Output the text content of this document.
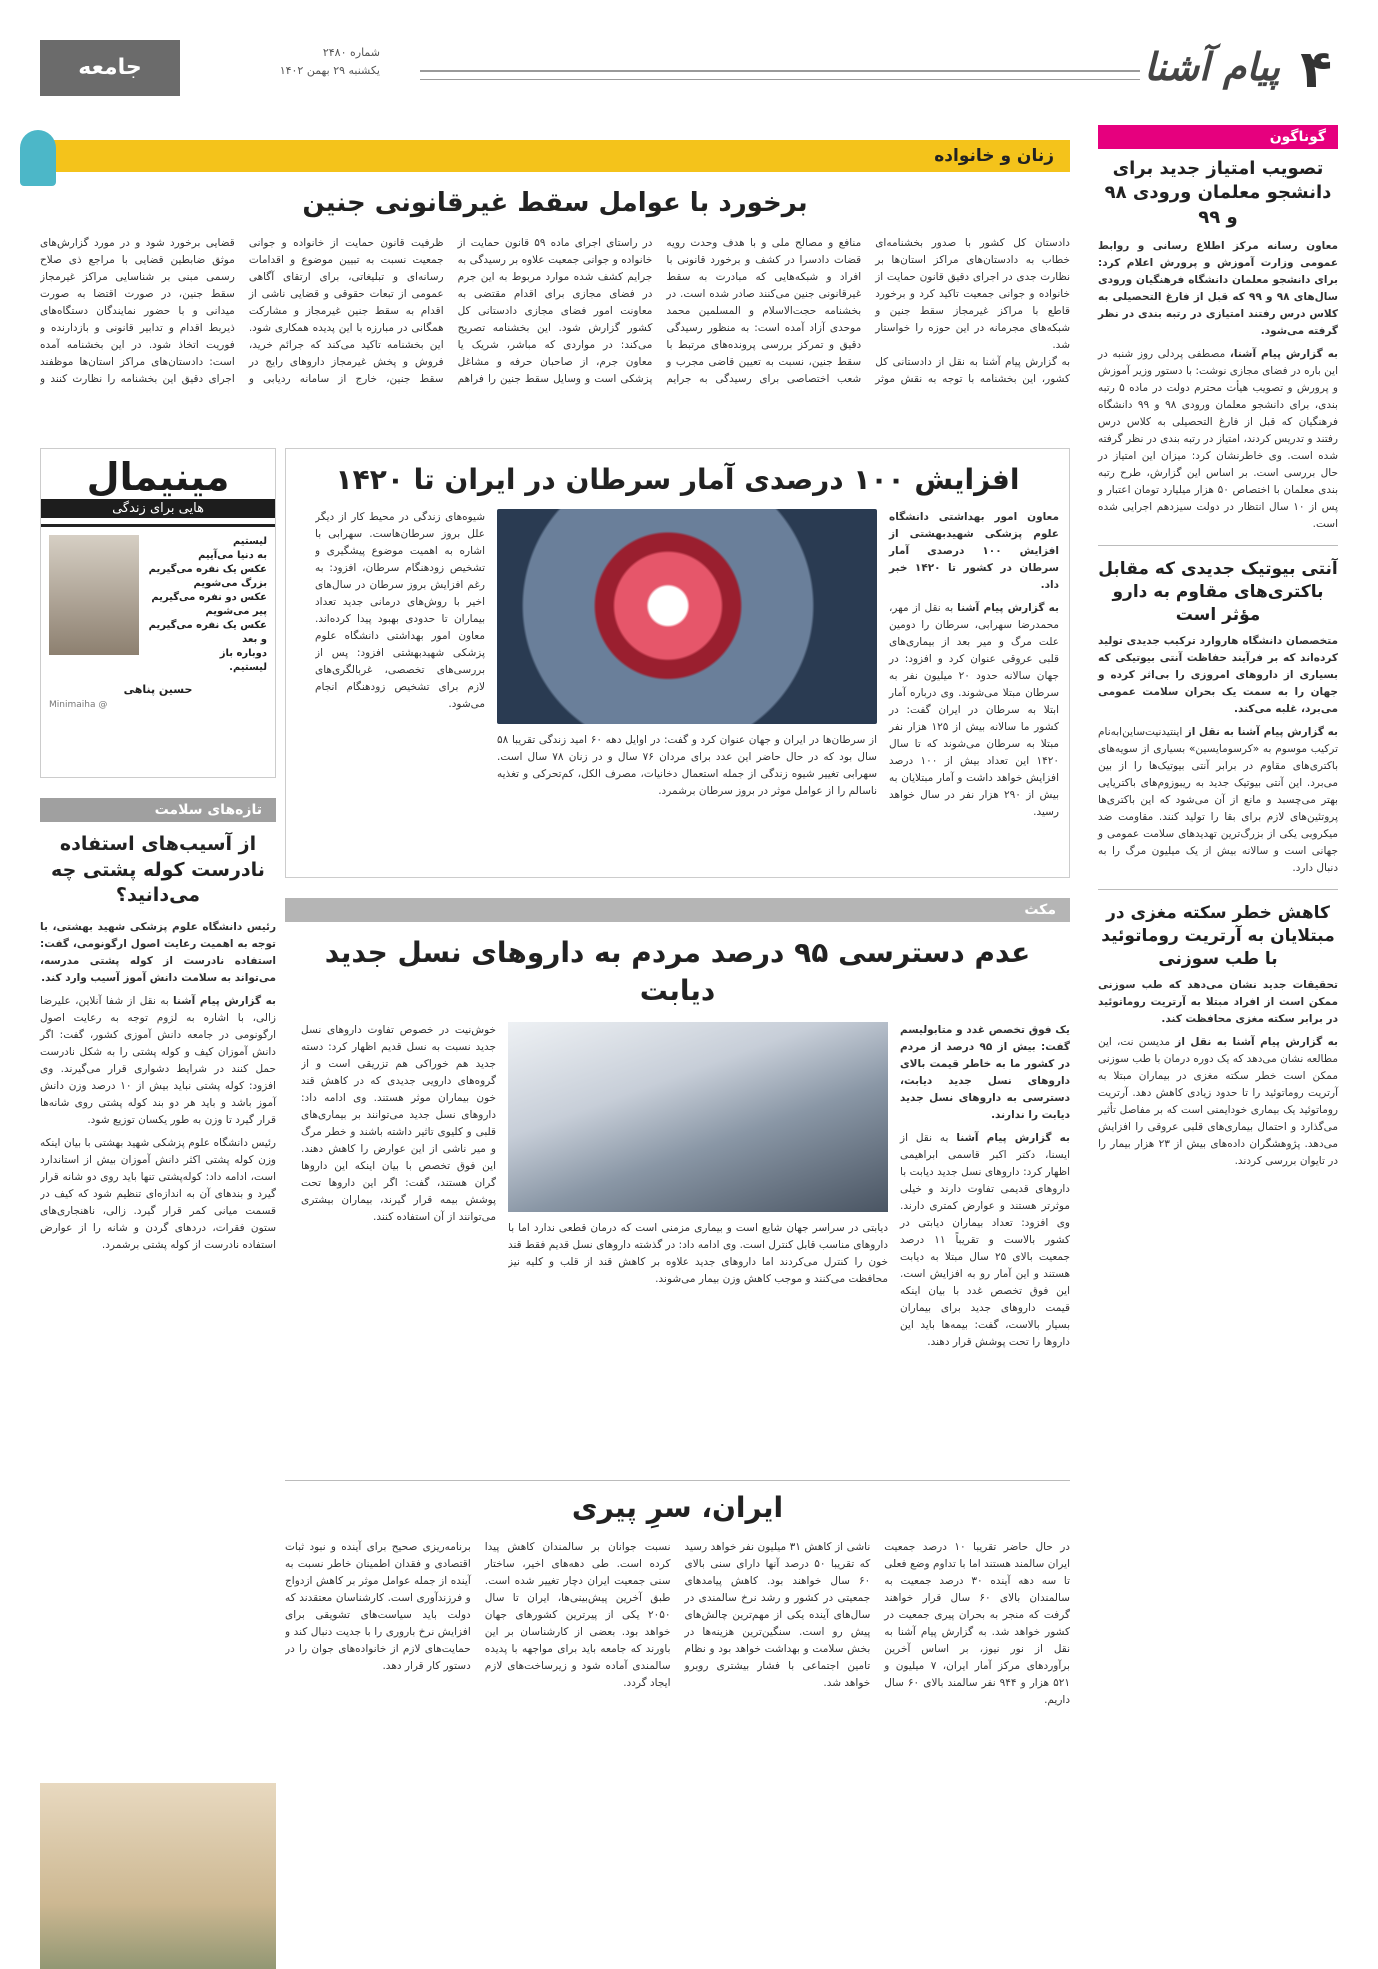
۴
پیام آشنا
شماره ۲۴۸۰
یکشنبه ۲۹ بهمن ۱۴۰۲
جامعه
گوناگون
تصویب امتیاز جدید برای دانشجو معلمان ورودی ۹۸ و ۹۹
معاون رسانه مرکز اطلاع رسانی و روابط عمومی وزارت آموزش و پرورش اعلام کرد: برای دانشجو معلمان دانشگاه فرهنگیان ورودی سال‌های ۹۸ و ۹۹ که قبل از فارغ التحصیلی به کلاس درس رفتند امتیازی در رتبه بندی در نظر گرفته می‌شود.
به گزارش پیام آشنا، مصطفی پردلی روز شنبه در این باره در فضای مجازی نوشت: با دستور وزیر آموزش و پرورش و تصویب هیأت محترم دولت در ماده ۵ رتبه بندی، برای دانشجو معلمان ورودی ۹۸ و ۹۹ دانشگاه فرهنگیان که قبل از فارغ التحصیلی به کلاس درس رفتند و تدریس کردند، امتیاز در رتبه بندی در نظر گرفته شده است. وی خاطرنشان کرد: میزان این امتیاز در حال بررسی است. بر اساس این گزارش، طرح رتبه بندی معلمان با اختصاص ۵۰ هزار میلیارد تومان اعتبار و پس از ۱۰ سال انتظار در دولت سیزدهم اجرایی شده است.
آنتی بیوتیک جدیدی که مقابل باکتری‌های مقاوم به دارو مؤثر است
متخصصان دانشگاه هاروارد ترکیب جدیدی تولید کرده‌اند که بر فرآیند حفاظت آنتی بیوتیکی که بسیاری از داروهای امروزی را بی‌اثر کرده و جهان را به سمت یک بحران سلامت عمومی می‌برد، غلبه می‌کند.
به گزارش پیام آشنا به نقل از اینتیدنیت‌ساین‌ابه‌نام ترکیب موسوم به «کرسومایسین» بسیاری از سویه‌های باکتری‌های مقاوم در برابر آنتی بیوتیک‌ها را از بین می‌برد. این آنتی بیوتیک جدید به ریبوزوم‌های باکتریایی بهتر می‌چسبد و مانع از آن می‌شود که این باکتری‌ها پروتئین‌های لازم برای بقا را تولید کنند. مقاومت ضد میکروبی یکی از بزرگ‌ترین تهدیدهای سلامت عمومی و جهانی است و سالانه بیش از یک میلیون مرگ را به دنبال دارد.
کاهش خطر سکته مغزی در مبتلایان به آرتریت روماتوئید با طب سوزنی
تحقیقات جدید نشان می‌دهد که طب سوزنی ممکن است از افراد مبتلا به آرتریت روماتوئید در برابر سکته مغزی محافظت کند.
به گزارش پیام آشنا به نقل از مدیسن نت، این مطالعه نشان می‌دهد که یک دوره درمان با طب سوزنی ممکن است خطر سکته مغزی در بیماران مبتلا به آرتریت روماتوئید را تا حدود زیادی کاهش دهد. آرتریت روماتوئید یک بیماری خودایمنی است که بر مفاصل تأثیر می‌گذارد و احتمال بیماری‌های قلبی عروقی را افزایش می‌دهد. پژوهشگران داده‌های بیش از ۲۳ هزار بیمار را در تایوان بررسی کردند.
زنان و خانواده
برخورد با عوامل سقط غیرقانونی جنین
دادستان کل کشور با صدور بخشنامه‌ای خطاب به دادستان‌های مراکز استان‌ها بر نظارت جدی در اجرای دقیق قانون حمایت از خانواده و جوانی جمعیت تاکید کرد و برخورد قاطع با مراکز غیرمجاز سقط جنین و شبکه‌های مجرمانه در این حوزه را خواستار شد.
به گزارش پیام آشنا به نقل از دادستانی کل کشور، این بخشنامه با توجه به نقش موثر
منافع و مصالح ملی و با هدف وحدت رویه قضات دادسرا در کشف و برخورد قانونی با افراد و شبکه‌هایی که مبادرت به سقط غیرقانونی جنین می‌کنند صادر شده است. در بخشنامه حجت‌الاسلام و المسلمین محمد موحدی آزاد آمده است: به منظور رسیدگی دقیق و تمرکز بررسی پرونده‌های مرتبط با سقط جنین، نسبت به تعیین قاضی مجرب و شعب اختصاصی برای رسیدگی به جرایم
در راستای اجرای ماده ۵۹ قانون حمایت از خانواده و جوانی جمعیت علاوه بر رسیدگی به جرایم کشف شده موارد مربوط به این جرم در فضای مجازی برای اقدام مقتضی به معاونت امور فضای مجازی دادستانی کل کشور گزارش شود. این بخشنامه تصریح می‌کند: در مواردی که مباشر، شریک یا معاون جرم، از صاحبان حرفه و مشاغل پزشکی است و وسایل سقط جنین را فراهم
ظرفیت قانون حمایت از خانواده و جوانی جمعیت نسبت به تبیین موضوع و اقدامات رسانه‌ای و تبلیغاتی، برای ارتقای آگاهی عمومی از تبعات حقوقی و قضایی ناشی از اقدام به سقط جنین غیرمجاز و مشارکت همگانی در مبارزه با این پدیده همکاری شود. این بخشنامه تاکید می‌کند که جرائم خرید، فروش و پخش غیرمجاز داروهای رایج در سقط جنین، خارج از سامانه ردیابی و
قضایی برخورد شود و در مورد گزارش‌های موثق ضابطین قضایی با مراجع ذی صلاح رسمی مبنی بر شناسایی مراکز غیرمجاز سقط جنین، در صورت اقتضا به صورت میدانی و با حضور نمایندگان دستگاه‌های ذیربط اقدام و تدابیر قانونی و بازدارنده و فوریت اتخاذ شود. در این بخشنامه آمده است: دادستان‌های مراکز استان‌ها موظفند اجرای دقیق این بخشنامه را نظارت کنند و
افزایش ۱۰۰ درصدی آمار سرطان در ایران تا ۱۴۲۰
معاون امور بهداشتی دانشگاه علوم پزشکی شهیدبهشتی از افزایش ۱۰۰ درصدی آمار سرطان در کشور تا ۱۴۲۰ خبر داد.
به گزارش پیام آشنا به نقل از مهر، محمدرضا سهرابی، سرطان را دومین علت مرگ و میر بعد از بیماری‌های قلبی عروقی عنوان کرد و افزود: در جهان سالانه حدود ۲۰ میلیون نفر به سرطان مبتلا می‌شوند. وی درباره آمار ابتلا به سرطان در ایران گفت: در کشور ما سالانه بیش از ۱۲۵ هزار نفر مبتلا به سرطان می‌شوند که تا سال ۱۴۲۰ این تعداد بیش از ۱۰۰ درصد افزایش خواهد داشت و آمار مبتلایان به بیش از ۲۹۰ هزار نفر در سال خواهد رسید.
از سرطان‌ها در ایران و جهان عنوان کرد و گفت: در اوایل دهه ۶۰ امید زندگی تقریبا ۵۸ سال بود که در حال حاضر این عدد برای مردان ۷۶ سال و در زنان ۷۸ سال است. سهرابی تغییر شیوه زندگی از جمله استعمال دخانیات، مصرف الکل، کم‌تحرکی و تغذیه ناسالم را از عوامل موثر در بروز سرطان برشمرد.
شیوه‌های زندگی در محیط کار از دیگر علل بروز سرطان‌هاست. سهرابی با اشاره به اهمیت موضوع پیشگیری و تشخیص زودهنگام سرطان، افزود: به رغم افزایش بروز سرطان در سال‌های اخیر با روش‌های درمانی جدید تعداد بیماران تا حدودی بهبود پیدا کرده‌اند. معاون امور بهداشتی دانشگاه علوم پزشکی شهیدبهشتی افزود: پس از بررسی‌های تخصصی، غربالگری‌های لازم برای تشخیص زودهنگام انجام می‌شود.
مینیمال
هایی برای زندگی
لیستیم
به دنیا می‌آییم
عکس یک نفره می‌گیریم
بزرگ می‌شویم
عکس دو نفره می‌گیریم
پیر می‌شویم
عکس یک نفره می‌گیریم
و بعد
دوباره باز
لیستیم.
حسین پناهی
@ Minimaiha
تازه‌های سلامت
از آسیب‌های استفاده نادرست کوله پشتی چه می‌دانید؟
رئیس دانشگاه علوم پزشکی شهید بهشتی، با توجه به اهمیت رعایت اصول ارگونومی، گفت: استفاده نادرست از کوله پشتی مدرسه، می‌تواند به سلامت دانش آموز آسیب وارد کند.
به گزارش پیام آشنا به نقل از شفا آنلاین، علیرضا زالی، با اشاره به لزوم توجه به رعایت اصول ارگونومی در جامعه دانش آموزی کشور، گفت: اگر دانش آموزان کیف و کوله پشتی را به شکل نادرست حمل کنند در شرایط دشواری قرار می‌گیرند. وی افزود: کوله پشتی نباید بیش از ۱۰ درصد وزن دانش آموز باشد و باید هر دو بند کوله پشتی روی شانه‌ها قرار گیرد تا وزن به طور یکسان توزیع شود.
رئیس دانشگاه علوم پزشکی شهید بهشتی با بیان اینکه وزن کوله پشتی اکثر دانش آموزان بیش از استاندارد است، ادامه داد: کوله‌پشتی تنها باید روی دو شانه قرار گیرد و بندهای آن به اندازه‌ای تنظیم شود که کیف در قسمت میانی کمر قرار گیرد. زالی، ناهنجاری‌های ستون فقرات، دردهای گردن و شانه را از عوارض استفاده نادرست از کوله پشتی برشمرد.
مکث
عدم دسترسی ۹۵ درصد مردم به داروهای نسل جدید دیابت
یک فوق تخصص غدد و متابولیسم گفت: بیش از ۹۵ درصد از مردم در کشور ما به خاطر قیمت بالای داروهای نسل جدید دیابت، دسترسی به داروهای نسل جدید دیابت را ندارند.
به گزارش پیام آشنا به نقل از ایسنا، دکتر اکبر قاسمی ابراهیمی اظهار کرد: داروهای نسل جدید دیابت با داروهای قدیمی تفاوت دارند و خیلی موثرتر هستند و عوارض کمتری دارند. وی افزود: تعداد بیماران دیابتی در کشور بالاست و تقریباً ۱۱ درصد جمعیت بالای ۲۵ سال مبتلا به دیابت هستند و این آمار رو به افزایش است. این فوق تخصص غدد با بیان اینکه قیمت داروهای جدید برای بیماران بسیار بالاست، گفت: بیمه‌ها باید این داروها را تحت پوشش قرار دهند.
دیابتی در سراسر جهان شایع است و بیماری مزمنی است که درمان قطعی ندارد اما با داروهای مناسب قابل کنترل است. وی ادامه داد: در گذشته داروهای نسل قدیم فقط قند خون را کنترل می‌کردند اما داروهای جدید علاوه بر کاهش قند از قلب و کلیه نیز محافظت می‌کنند و موجب کاهش وزن بیمار می‌شوند.
خوش‌نیت در خصوص تفاوت داروهای نسل جدید نسبت به نسل قدیم اظهار کرد: دسته جدید هم خوراکی هم تزریقی است و از گروه‌های دارویی جدیدی که در کاهش قند خون بیماران موثر هستند. وی ادامه داد: داروهای نسل جدید می‌توانند بر بیماری‌های قلبی و کلیوی تاثیر داشته باشند و خطر مرگ و میر ناشی از این عوارض را کاهش دهند. این فوق تخصص با بیان اینکه این داروها گران هستند، گفت: اگر این داروها تحت پوشش بیمه قرار گیرند، بیماران بیشتری می‌توانند از آن استفاده کنند.
ایران، سرِ پیری
در حال حاضر تقریبا ۱۰ درصد جمعیت ایران سالمند هستند اما با تداوم وضع فعلی تا سه دهه آینده ۳۰ درصد جمعیت به سالمندان بالای ۶۰ سال قرار خواهند گرفت که منجر به بحران پیری جمعیت در کشور خواهد شد. به گزارش پیام آشنا به نقل از نور نیوز، بر اساس آخرین برآوردهای مرکز آمار ایران، ۷ میلیون و ۵۲۱ هزار و ۹۴۴ نفر سالمند بالای ۶۰ سال داریم.
ناشی از کاهش ۳۱ میلیون نفر خواهد رسید که تقریبا ۵۰ درصد آنها دارای سنی بالای ۶۰ سال خواهند بود. کاهش پیامدهای جمعیتی در کشور و رشد نرخ سالمندی در سال‌های آینده یکی از مهم‌ترین چالش‌های پیش رو است. سنگین‌ترین هزینه‌ها در بخش سلامت و بهداشت خواهد بود و نظام تامین اجتماعی با فشار بیشتری روبرو خواهد شد.
نسبت جوانان بر سالمندان کاهش پیدا کرده است. طی دهه‌های اخیر، ساختار سنی جمعیت ایران دچار تغییر شده است. طبق آخرین پیش‌بینی‌ها، ایران تا سال ۲۰۵۰ یکی از پیرترین کشورهای جهان خواهد بود. بعضی از کارشناسان بر این باورند که جامعه باید برای مواجهه با پدیده سالمندی آماده شود و زیرساخت‌های لازم ایجاد گردد.
برنامه‌ریزی صحیح برای آینده و نبود ثبات اقتصادی و فقدان اطمینان خاطر نسبت به آینده از جمله عوامل موثر بر کاهش ازدواج و فرزندآوری است. کارشناسان معتقدند که دولت باید سیاست‌های تشویقی برای افزایش نرخ باروری را با جدیت دنبال کند و حمایت‌های لازم از خانواده‌های جوان را در دستور کار قرار دهد.
